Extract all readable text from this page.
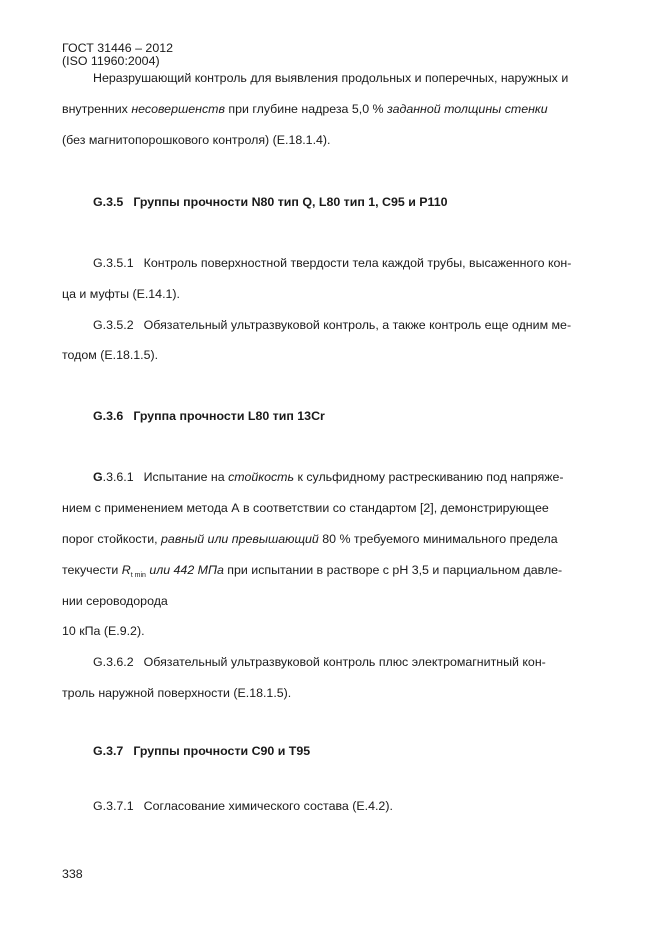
ГОСТ 31446 – 2012
(ISO 11960:2004)
Неразрушающий контроль для выявления продольных и поперечных, наружных и
внутренних несовершенств при глубине надреза 5,0 % заданной толщины стенки
(без магнитопорошкового контроля) (E.18.1.4).
G.3.5 Группы прочности N80 тип Q, L80 тип 1, С95 и Р110
G.3.5.1 Контроль поверхностной твердости тела каждой трубы, высаженного кон-
ца и муфты (Е.14.1).
G.3.5.2 Обязательный ультразвуковой контроль, а также контроль еще одним ме-
тодом (Е.18.1.5).
G.3.6 Группа прочности L80 тип 13Cr
G.3.6.1 Испытание на стойкость к сульфидному растрескиванию под напряже-
нием с применением метода А в соответствии со стандартом [2], демонстрирующее
порог стойкости, равный или превышающий 80 % требуемого минимального предела
текучести $R_{t min}$ или 442 МПа при испытании в растворе с рН 3,5 и парциальном давле-
нии сероводорода
10 кПа (Е.9.2).
G.3.6.2 Обязательный ультразвуковой контроль плюс электромагнитный кон-
троль наружной поверхности (Е.18.1.5).
G.3.7 Группы прочности С90 и Т95
G.3.7.1 Согласование химического состава (Е.4.2).
338
